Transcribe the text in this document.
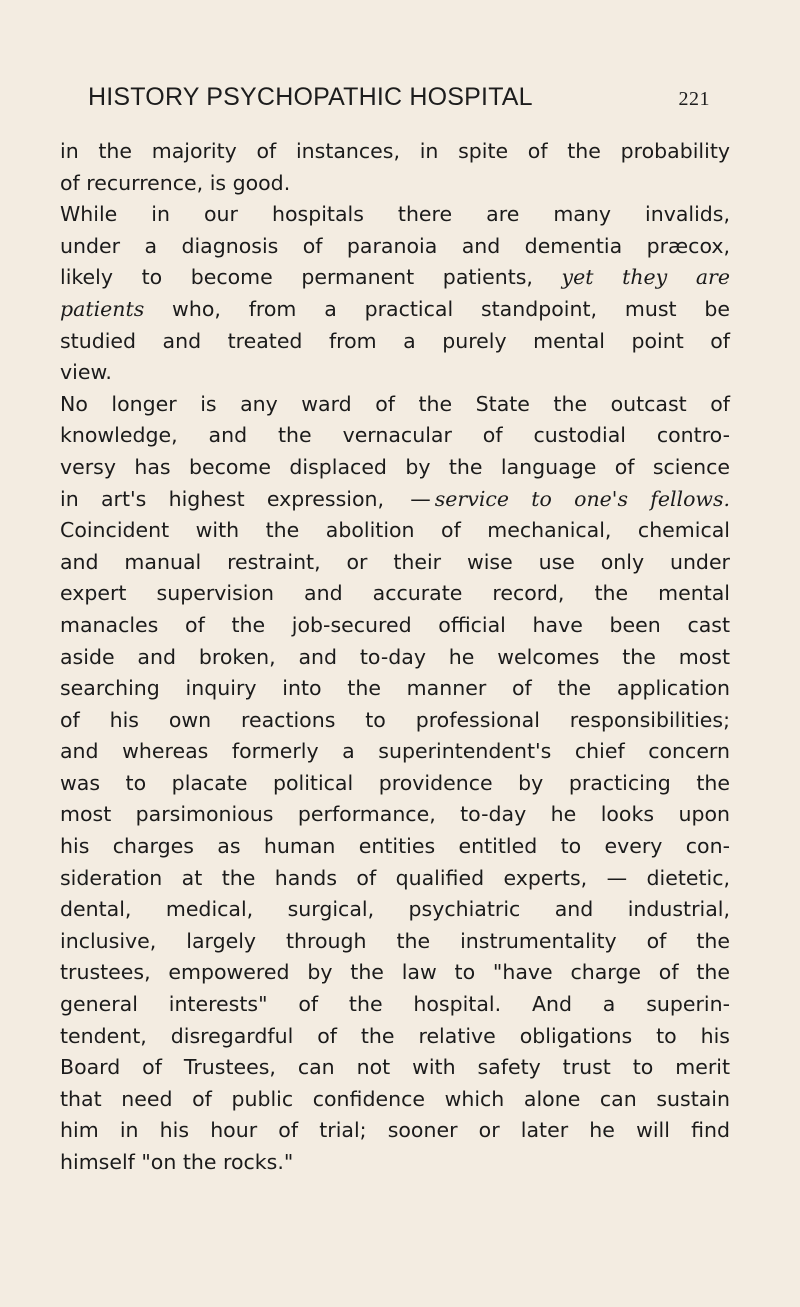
HISTORY PSYCHOPATHIC HOSPITAL	221
in the majority of instances, in spite of the probability
of recurrence, is good.
While in our hospitals there are many invalids,
under a diagnosis of paranoia and dementia præcox,
likely to become permanent patients, yet they are
patients who, from a practical standpoint, must be
studied and treated from a purely mental point of
view.
No longer is any ward of the State the outcast of
knowledge, and the vernacular of custodial contro-
versy has become displaced by the language of science
in art's highest expression, — service to one's fellows.
Coincident with the abolition of mechanical, chemical
and manual restraint, or their wise use only under
expert supervision and accurate record, the mental
manacles of the job-secured official have been cast
aside and broken, and to-day he welcomes the most
searching inquiry into the manner of the application
of his own reactions to professional responsibilities;
and whereas formerly a superintendent's chief concern
was to placate political providence by practicing the
most parsimonious performance, to-day he looks upon
his charges as human entities entitled to every con-
sideration at the hands of qualified experts, — dietetic,
dental, medical, surgical, psychiatric and industrial,
inclusive, largely through the instrumentality of the
trustees, empowered by the law to "have charge of the
general interests" of the hospital. And a superin-
tendent, disregardful of the relative obligations to his
Board of Trustees, can not with safety trust to merit
that need of public confidence which alone can sustain
him in his hour of trial; sooner or later he will find
himself "on the rocks."
